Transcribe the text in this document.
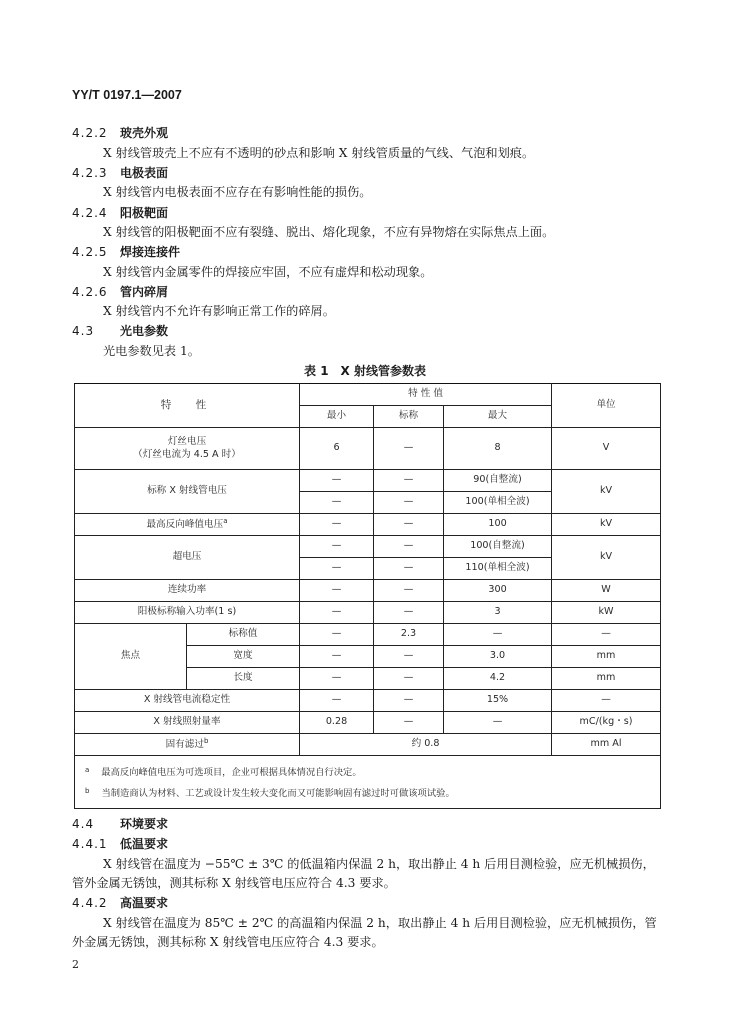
YY/T 0197.1—2007
4.2.2 玻壳外观
X 射线管玻壳上不应有不透明的砂点和影响 X 射线管质量的气线、气泡和划痕。
4.2.3 电极表面
X 射线管内电极表面不应存在有影响性能的损伤。
4.2.4 阳极靶面
X 射线管的阳极靶面不应有裂缝、脱出、熔化现象，不应有异物熔在实际焦点上面。
4.2.5 焊接连接件
X 射线管内金属零件的焊接应牢固，不应有虚焊和松动现象。
4.2.6 管内碎屑
X 射线管内不允许有影响正常工作的碎屑。
4.3 光电参数
光电参数见表 1。
表 1 X 射线管参数表
特　性		特 性 值			单位
		最小	标称	最大	

灯丝电压
（灯丝电流为 4.5 A 时）		6	—	8	V
标称 X 射线管电压		—	—	90(自整流)	kV
		—	—	100(单相全波)	
最高反向峰值电压$^a$		—	—	100	kV
超电压		—	—	100(自整流)	kV
		—	—	110(单相全波)	
连续功率		—	—	300	W
阳极标称输入功率(1 s)		—	—	3	kW
焦点	标称值	—	2.3	—	—
	宽度	—	—	3.0	mm
	长度	—	—	4.2	mm
X 射线管电流稳定性		—	—	15%	—
X 射线照射量率		0.28	—	—	mC/(kg・s)
固有滤过$^b$		约 0.8			mm Al

$^a$ 最高反向峰值电压为可选项目，企业可根据具体情况自行决定。
$^b$ 当制造商认为材料、工艺或设计发生较大变化而又可能影响固有滤过时可做该项试验。					
4.4 环境要求
4.4.1 低温要求
X 射线管在温度为 −55℃ ± 3℃ 的低温箱内保温 2 h，取出静止 4 h 后用目测检验，应无机械损伤，
管外金属无锈蚀，测其标称 X 射线管电压应符合 4.3 要求。
4.4.2 高温要求
X 射线管在温度为 85℃ ± 2℃ 的高温箱内保温 2 h，取出静止 4 h 后用目测检验，应无机械损伤，管
外金属无锈蚀，测其标称 X 射线管电压应符合 4.3 要求。
2
